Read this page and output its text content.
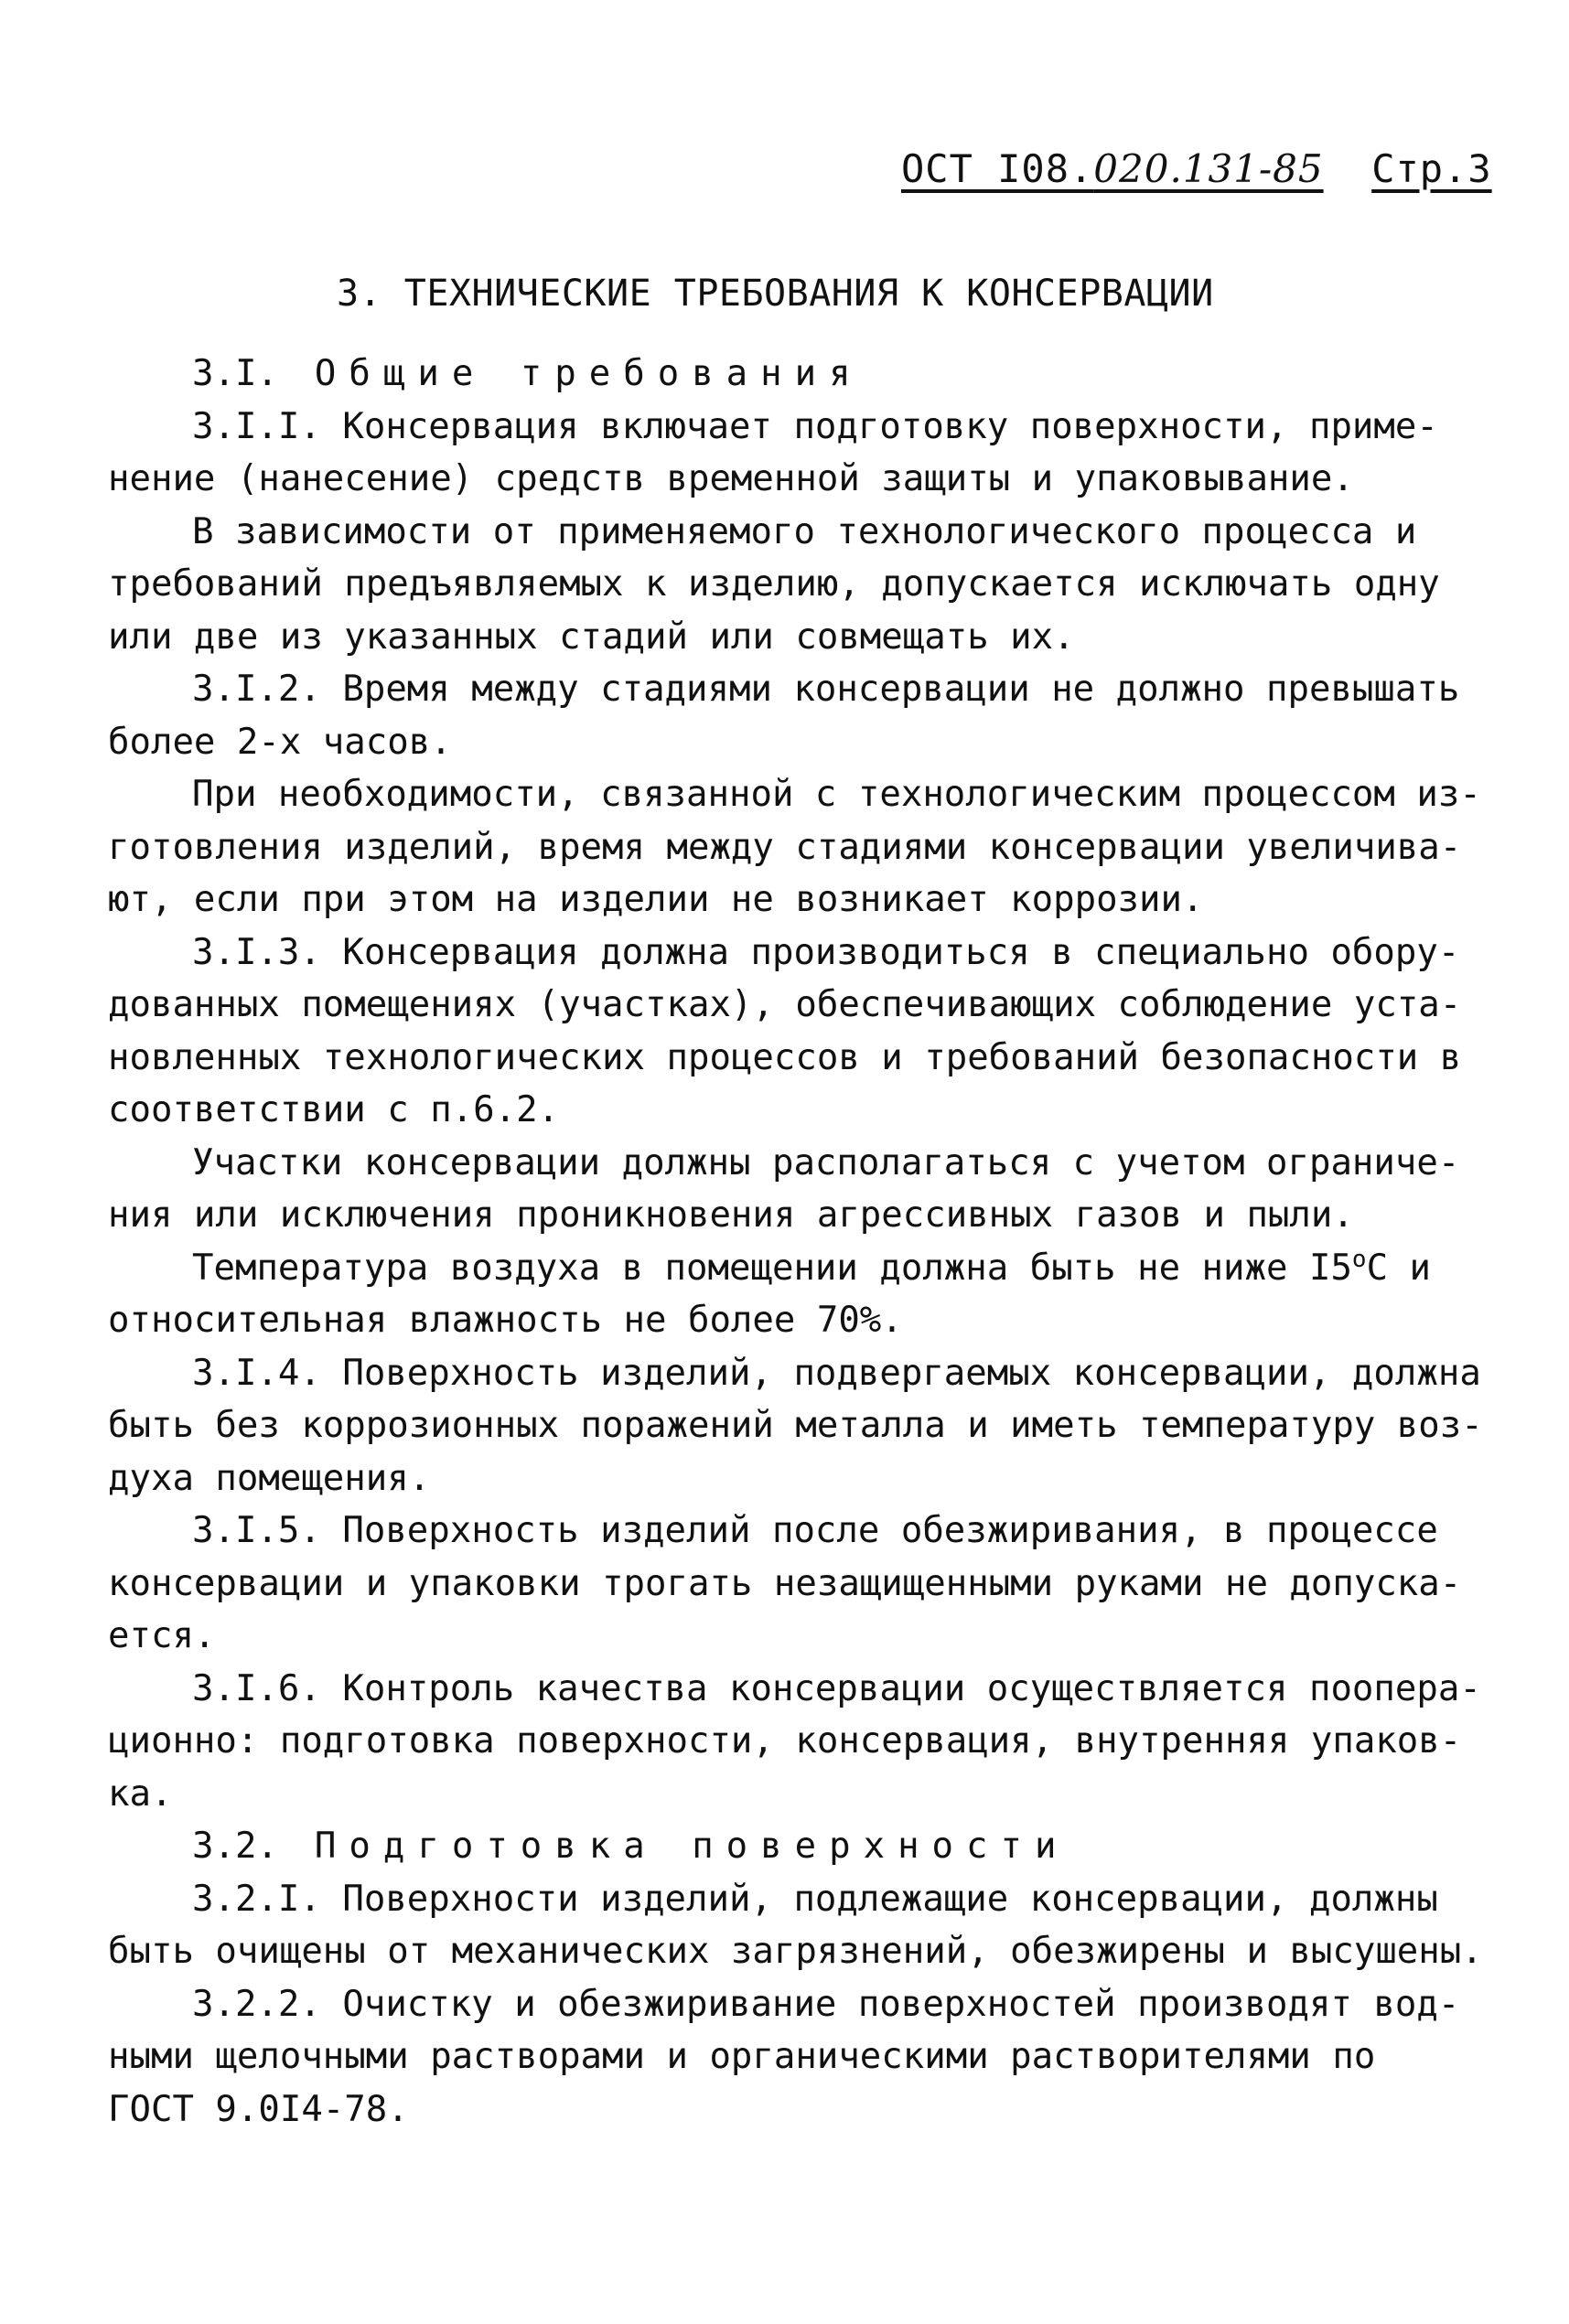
ОСТ I08.020.131-85 Стр.3
3. ТЕХНИЧЕСКИЕ ТРЕБОВАНИЯ К КОНСЕРВАЦИИ
3.I. Общие требования
3.I.I. Консервация включает подготовку поверхности, приме-
нение (нанесение) средств временной защиты и упаковывание.
В зависимости от применяемого технологического процесса и
требований предъявляемых к изделию, допускается исключать одну
или две из указанных стадий или совмещать их.
3.I.2. Время между стадиями консервации не должно превышать
более 2-х часов.
При необходимости, связанной с технологическим процессом из-
готовления изделий, время между стадиями консервации увеличива-
ют, если при этом на изделии не возникает коррозии.
3.I.3. Консервация должна производиться в специально обору-
дованных помещениях (участках), обеспечивающих соблюдение уста-
новленных технологических процессов и требований безопасности в
соответствии с п.6.2.
Участки консервации должны располагаться с учетом ограниче-
ния или исключения проникновения агрессивных газов и пыли.
Температура воздуха в помещении должна быть не ниже $I5^оС$ и
относительная влажность не более 70%.
3.I.4. Поверхность изделий, подвергаемых консервации, должна
быть без коррозионных поражений металла и иметь температуру воз-
духа помещения.
3.I.5. Поверхность изделий после обезжиривания, в процессе
консервации и упаковки трогать незащищенными руками не допуска-
ется.
3.I.6. Контроль качества консервации осуществляется пооперa-
ционно: подготовка поверхности, консервация, внутренняя упаков-
ка.
3.2. Подготовка поверхности
3.2.I. Поверхности изделий, подлежащие консервации, должны
быть очищены от механических загрязнений, обезжирены и высушены.
3.2.2. Очистку и обезжиривание поверхностей производят вод-
ными щелочными растворами и органическими растворителями по
ГОСТ 9.0I4-78.
